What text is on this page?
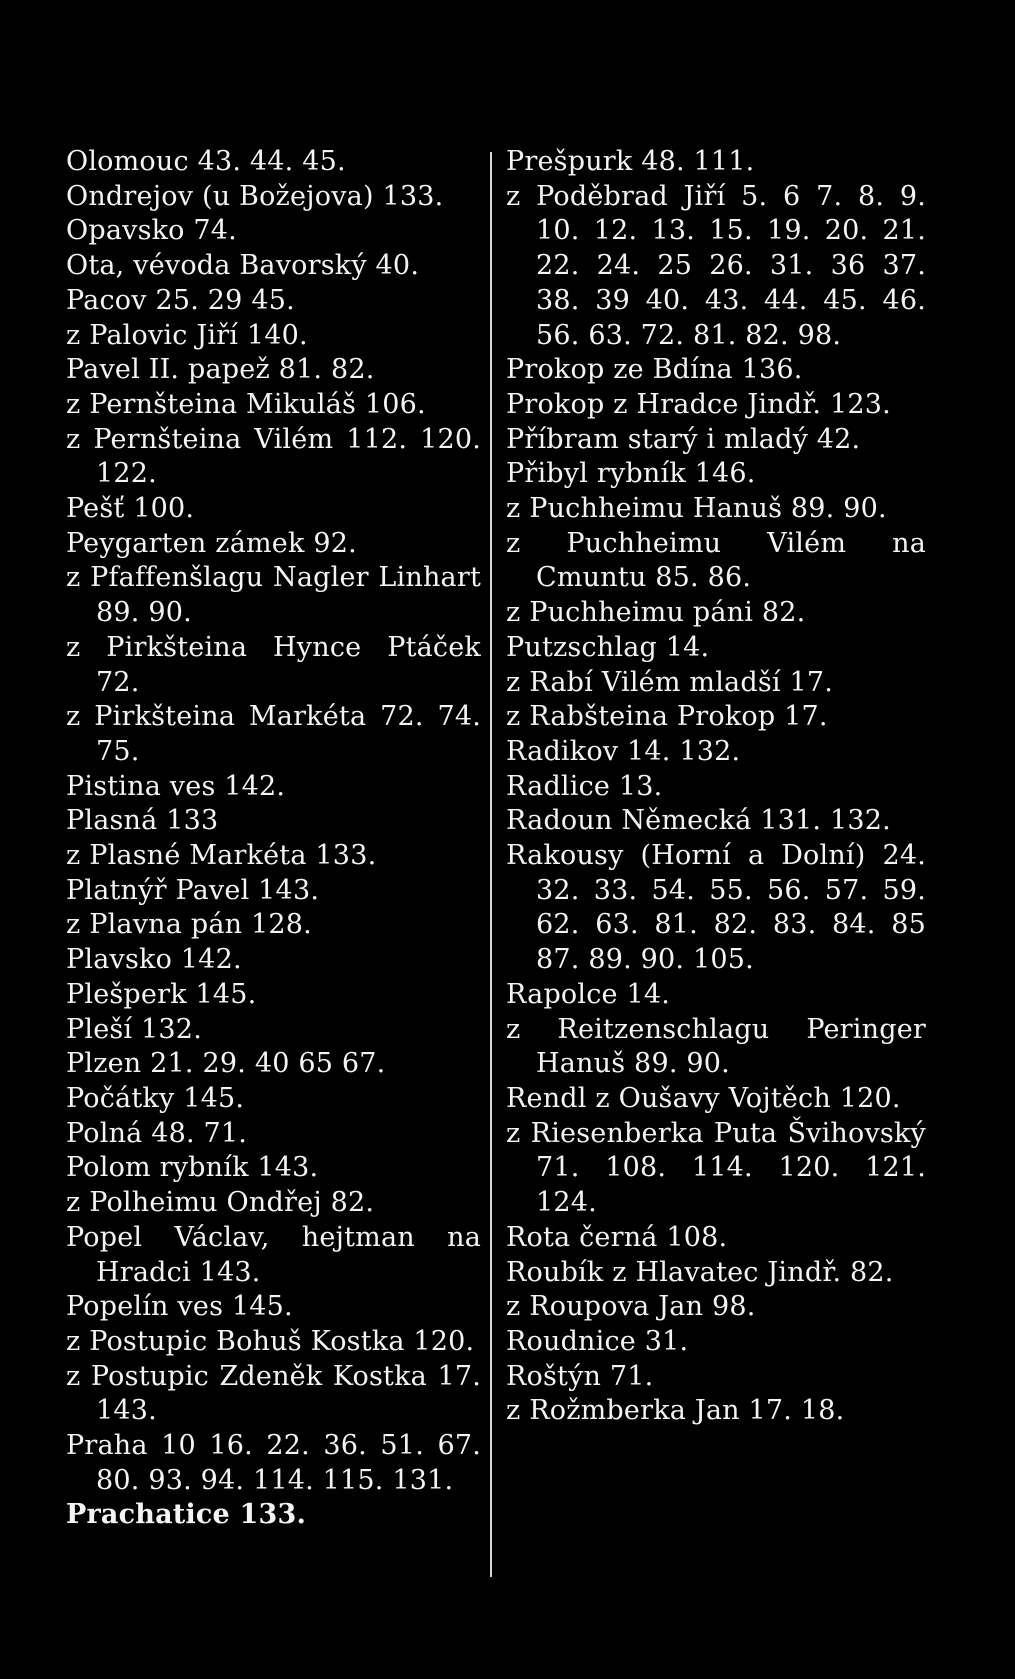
Olomouc 43. 44. 45.

Ondrejov (u Božejova) 133.

Opavsko 74.

Ota, vévoda Bavorský 40.

Pacov 25. 29 45.

z Palovic Jiří 140.

Pavel II. papež 81. 82.

z Pernšteina Mikuláš 106.

z Pernšteina Vilém 112. 120. 122.

Pešť 100.

Peygarten zámek 92.

z Pfaffenšlagu Nagler Linhart 89. 90.

z Pirkšteina Hynce Ptáček 72.

z Pirkšteina Markéta 72. 74. 75.

Pistina ves 142.

Plasná 133

z Plasné Markéta 133.

Platnýř Pavel 143.

z Plavna pán 128.

Plavsko 142.

Plešperk 145.

Pleší 132.

Plzen 21. 29. 40 65 67.

Počátky 145.

Polná 48. 71.

Polom rybník 143.

z Polheimu Ondřej 82.

Popel Václav, hejtman na Hradci 143.

Popelín ves 145.

z Postupic Bohuš Kostka 120.

z Postupic Zdeněk Kostka 17. 143.

Praha 10 16. 22. 36. 51. 67. 80. 93. 94. 114. 115. 131.

Prachatice 133.

Prešpurk 48. 111.

z Poděbrad Jiří 5. 6 7. 8. 9. 10. 12. 13. 15. 19. 20. 21. 22. 24. 25 26. 31. 36 37. 38. 39 40. 43. 44. 45. 46. 56. 63. 72. 81. 82. 98.

Prokop ze Bdína 136.

Prokop z Hradce Jindř. 123.

Příbram starý i mladý 42.

Přibyl rybník 146.

z Puchheimu Hanuš 89. 90.

z Puchheimu Vilém na Cmuntu 85. 86.

z Puchheimu páni 82.

Putzschlag 14.

z Rabí Vilém mladší 17.

z Rabšteina Prokop 17.

Radikov 14. 132.

Radlice 13.

Radoun Německá 131. 132.

Rakousy (Horní a Dolní) 24. 32. 33. 54. 55. 56. 57. 59. 62. 63. 81. 82. 83. 84. 85 87. 89. 90. 105.

Rapolce 14.

z Reitzenschlagu Peringer Hanuš 89. 90.

Rendl z Oušavy Vojtěch 120.

z Riesenberka Puta Švihovský 71. 108. 114. 120. 121. 124.

Rota černá 108.

Roubík z Hlavatec Jindř. 82.

z Roupova Jan 98.

Roudnice 31.

Roštýn 71.

z Rožmberka Jan 17. 18.
